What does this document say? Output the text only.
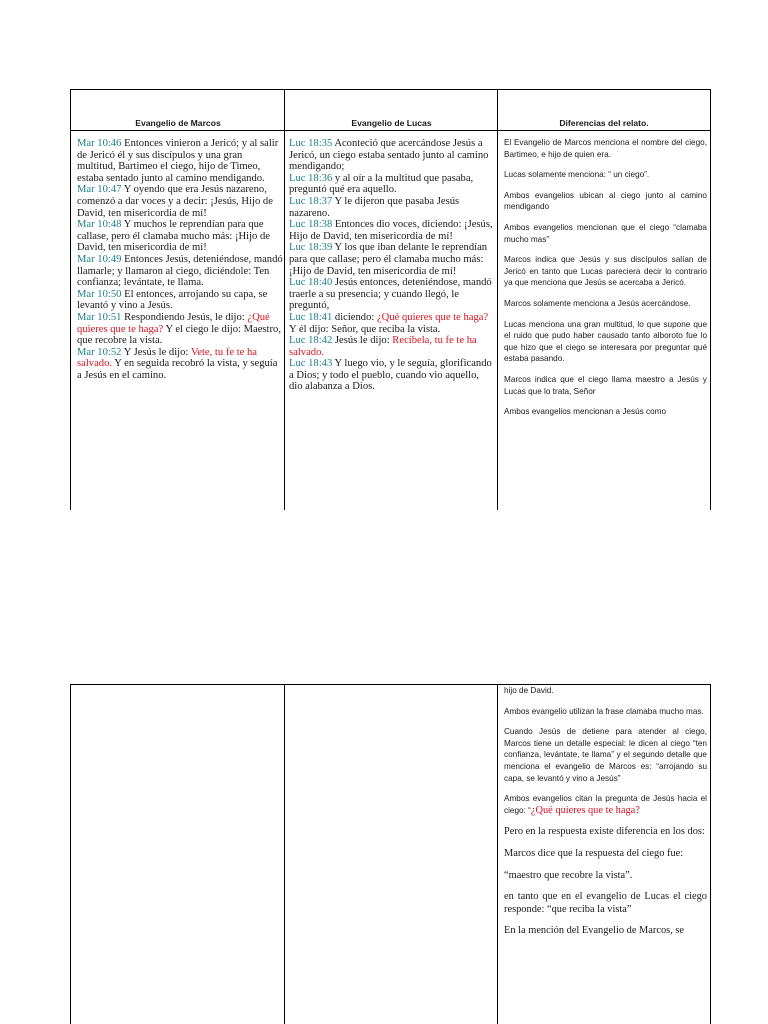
Evangelio de Marcos	Evangelio de Lucas	Diferencias del relato.

Mar 10:46 Entonces vinieron a Jericó; y al salir de Jericó él y sus discípulos y una gran multitud, Bartimeo el ciego, hijo de Timeo, estaba sentado junto al camino mendigando.

Mar 10:47 Y oyendo que era Jesús nazareno, comenzó a dar voces y a decir: ¡Jesús, Hijo de David, ten misericordia de mí!

Mar 10:48 Y muchos le reprendían para que callase, pero él clamaba mucho más: ¡Hijo de David, ten misericordia de mí!

Mar 10:49 Entonces Jesús, deteniéndose, mandó llamarle; y llamaron al ciego, diciéndole: Ten confianza; levántate, te llama.

Mar 10:50 El entonces, arrojando su capa, se levantó y vino a Jesús.

Mar 10:51 Respondiendo Jesús, le dijo: ¿Qué quieres que te haga? Y el ciego le dijo: Maestro, que recobre la vista.

Mar 10:52 Y Jesús le dijo: Vete, tu fe te ha salvado. Y en seguida recobró la vista, y seguía a Jesús en el camino.

Luc 18:35 Aconteció que acercándose Jesús a Jericó, un ciego estaba sentado junto al camino mendigando;

Luc 18:36 y al oír a la multitud que pasaba, preguntó qué era aquello.

Luc 18:37 Y le dijeron que pasaba Jesús nazareno.

Luc 18:38 Entonces dio voces, diciendo: ¡Jesús, Hijo de David, ten misericordia de mí!

Luc 18:39 Y los que iban delante le reprendían para que callase; pero él clamaba mucho más: ¡Hijo de David, ten misericordia de mí!

Luc 18:40 Jesús entonces, deteniéndose, mandó traerle a su presencia; y cuando llegó, le preguntó,

Luc 18:41 diciendo: ¿Qué quieres que te haga? Y él dijo: Señor, que reciba la vista.

Luc 18:42 Jesús le dijo: Recíbela, tu fe te ha salvado.

Luc 18:43 Y luego vio, y le seguía, glorificando a Dios; y todo el pueblo, cuando vio aquello, dio alabanza a Dios.

El Evangelio de Marcos menciona el nombre del ciego, Bartimeo, e hijo de quien era.

Lucas solamente menciona: “ un ciego”.

Ambos evangelios ubican al ciego junto al camino mendigando

Ambos evangelios mencionan que el ciego “clamaba mucho mas”

Marcos indica que Jesús y sus discípulos salían de Jericó en tanto que Lucas pareciera decir lo contrario ya que menciona que Jesús se acercaba a Jericó.

Marcos solamente menciona a Jesús acercándose.

Lucas menciona una gran multitud, lo que supone que el ruido que pudo haber causado tanto alboroto fue lo que hizo que el ciego se interesara por preguntar qué estaba pasando.

Marcos indica que el ciego llama maestro a Jesús y Lucas que lo trata, Señor

Ambos evangelios mencionan a Jesús como

hijo de David.

Ambos evangelio utilizan la frase clamaba mucho mas.

Cuando Jesús de detiene para atender al ciego, Marcos tiene un detalle especial: le dicen al ciego “ten confianza, levántate, te llama” y el segundo detalle que menciona el evangelio de Marcos es: “arrojando su capa, se levantó y vino a Jesús”

Ambos evangelios citan la pregunta de Jesús hacia el ciego: “¿Qué quieres que te haga?

Pero en la respuesta existe diferencia en los dos:

Marcos dice que la respuesta del ciego fue:

“maestro que recobre la vista”.

en tanto que en el evangelio de Lucas el ciego responde: “que reciba la vista”

En la mención del Evangelio de Marcos, se
